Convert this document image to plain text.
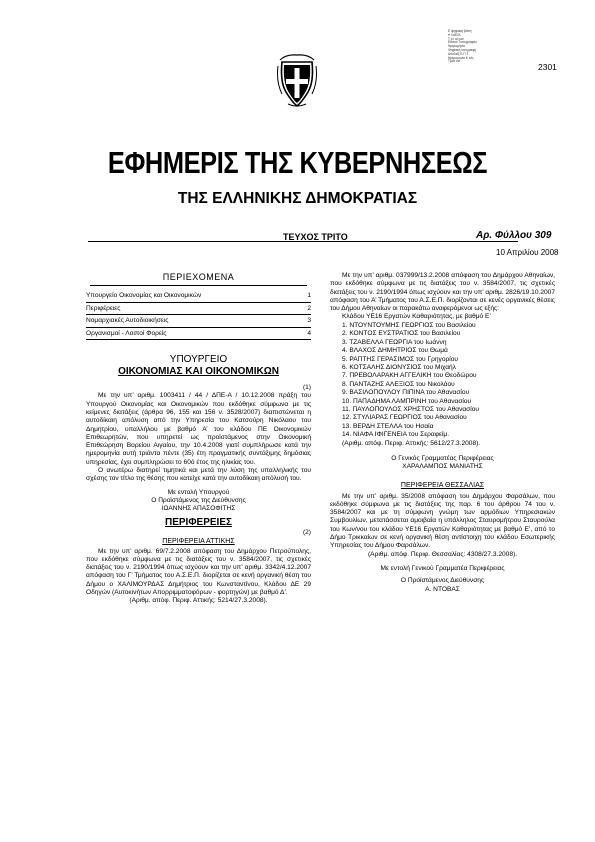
Ε ψηφιακή βάση
Η λυ/Ε/Δ
Τ α ι κό και
Εθνικό Τυπογραφείο
Ημερομηνία
Ψηφιακή υπογραφή
Αποδείξ Κ.Π.Τ.
Ημερομηνία Κ τι/η
Τράτ οτε
2301
ΕΦΗΜΕΡΙΣ ΤΗΣ ΚΥΒΕΡΝΗΣΕΩΣ
ΤΗΣ ΕΛΛΗΝΙΚΗΣ ΔΗΜΟΚΡΑΤΙΑΣ
ΤΕΥΧΟΣ ΤΡΙΤΟ	Αρ. Φύλλου 309
10 Απριλίου 2008
ΠΕΡΙΕΧΟΜΕΝΑ
Υπουργείο Οικονομίας και Οικονομικών	1
Περιφέρειες	2
Νομαρχιακές Αυτοδιοικήσεις	3
Οργανισμοί - Λοιποί Φορείς	4
ΥΠΟΥΡΓΕΙΟ
ΟΙΚΟΝΟΜΙΑΣ ΚΑΙ ΟΙΚΟΝΟΜΙΚΩΝ
(1)
Με την υπ’ αριθμ. 1003411 / 44 / ΔΠΕ-Α / 10.12.2008 πράξη του Υπουργού Οικονομίας και Οικονομικών που εκδόθηκε σύμφωνα με τις κείμενες διατάξεις (άρθρα 96, 155 και 156 ν. 3528/2007) διαπιστώνεται η αυτοδίκαιη απόλυση από την Υπηρεσία του Κατσούρη Νικόλαου του Δημητρίου, υπαλλήλου με βαθμό Α’ του κλάδου ΠΕ Οικονομικών Επιθεωρητών, που υπηρετεί ως προϊστάμενος στην Οικονομική Επιθεώρηση Βορείου Αιγαίου, την 10.4.2008 γιατί συμπλήρωσε κατά την ημερομηνία αυτή τριάντα πέντε (35) έτη πραγματικής συντάξιμης δημόσιας υπηρεσίας, έχει συμπληρώσει το 60ό έτος της ηλικίας του.
Ο ανωτέρω διατηρεί τιμητικά και μετά την λύση της υπαλληλικής του σχέσης τον τίτλο της θέσης που κατείχε κατά την αυτοδίκαιη απόλυσή του.
Με εντολή Υπουργού
Ο Προϊστάμενος της Διεύθυνσης
ΙΩΑΝΝΗΣ ΑΠΑΣΟΦΙΤΗΣ
ΠΕΡΙΦΕΡΕΙΕΣ
(2)
ΠΕΡΙΦΕΡΕΙΑ ΑΤΤΙΚΗΣ
Με την υπ’ αριθμ. 69/7.2.2008 απόφαση του Δημάρχου Πετρούπολης, που εκδόθηκε σύμφωνα με τις διατάξεις του ν. 3584/2007, τις σχετικές διατάξεις του ν. 2190/1994 όπως ισχύουν και την υπ’ αριθμ. 3342/4.12.2007 απόφαση του Γ’ Τμήματος του Α.Σ.Ε.Π. διορίζεται σε κενή οργανική θέση του Δήμου ο ΧΑΛΙΜΟΥΡΔΑΣ Δημήτριος του Κωνσταντίνου, Κλάδου ΔΕ 29 Οδηγών (Αυτοκινήτων Απορριμματοφόρων - φορτηγών) με βαθμό Δ’.
(Αριθμ. απόφ. Περιφ. Αττικής: 5214/27.3.2008).
Με την υπ’ αριθμ. 037999/13.2.2008 απόφαση του Δημάρχου Αθηναίων, που εκδόθηκε σύμφωνα με τις διατάξεις του ν. 3584/2007, τις σχετικές διατάξεις του ν. 2190/1994 όπως ισχύουν και την υπ’ αριθμ. 2826/19.10.2007 απόφαση του Α’ Τμήματος του Α.Σ.Ε.Π. διορίζονται σε κενές οργανικές θέσεις του Δήμου Αθηναίων οι παρακάτω αναφερόμενοι ως εξής:
Κλάδου ΥΕ16 Εργατών Καθαριότητας, με βαθμό Ε’
1. ΝΤΟΥΝΤΟΥΜΗΣ ΓΕΩΡΓΙΟΣ του Βασιλείου
2. ΚΟΝΤΟΣ ΕΥΣΤΡΑΤΙΟΣ του Βασιλείου
3. ΤΖΑΒΕΛΛΑ ΓΕΩΡΓΙΑ του Ιωάννη
4. ΒΛΑΧΟΣ ΔΗΜΗΤΡΙΟΣ του Θωμά
5. ΡΑΠΤΗΣ ΓΕΡΑΣΙΜΟΣ του Γρηγορίου
6. ΚΟΤΣΑΛΗΣ ΔΙΟΝΥΣΙΟΣ του Μιχαήλ
7. ΠΡΕΒΟΛΑΡΑΚΗ ΑΓΓΕΛΙΚΗ του Θεοδώρου
8. ΠΑΝΤΑΖΗΣ ΑΛΕΞΙΟΣ του Νικολάου
9. ΒΑΣΙΛΟΠΟΥΛΟΥ ΠΙΠΙΝΑ του Αθανασίου
10. ΠΑΠΑΔΗΜΑ ΛΑΜΠΡΙΝΗ του Αθανασίου
11. ΠΑΥΛΟΠΟΥΛΟΣ ΧΡΗΣΤΟΣ του Αθανασίου
12. ΣΤΥΛΙΑΡΑΣ ΓΕΩΡΓΙΟΣ του Αθανασίου
13. ΒΕΡΔΗ ΣΤΕΛΛΑ του Ησαία
14. ΝΙΑΦΑ ΙΦΙΓΕΝΕΙΑ του Σεραφείμ.
(Αριθμ. απόφ. Περιφ. Αττικής: 5612/27.3.2008).
Ο Γενικός Γραμματέας Περιφέρειας
ΧΑΡΑΛΑΜΠΟΣ ΜΑΝΙΑΤΗΣ
ΠΕΡΙΦΕΡΕΙΑ ΘΕΣΣΑΛΙΑΣ
Με την υπ’ αριθμ. 35/2008 απόφαση του Δημάρχου Φαρσάλων, που εκδόθηκε σύμφωνα με τις διατάξεις της παρ. 6 του άρθρου 74 του ν. 3584/2007 και με τη σύμφωνη γνώμη των αρμόδιων Υπηρεσιακών Συμβουλίων, μετατάσσεται αμοιβαία η υπάλληλος Σταυρομήτρου Σταυρούλα του Κων/νου του κλάδου ΥΕ16 Εργατών Καθαριότητας με βαθμό Ε’, από το Δήμο Τρικκαίων σε κενή οργανική θέση αντίστοιχη του κλάδου Εσωτερικής Υπηρεσίας του Δήμου Φαρσάλων.
(Αριθμ. απόφ. Περιφ. Θεσσαλίας: 4308/27.3.2008).
Με εντολή Γενικού Γραμματέα Περιφέρειας
Ο Προϊστάμενος Διεύθυνσης
Α. ΝΤΟΒΑΣ
